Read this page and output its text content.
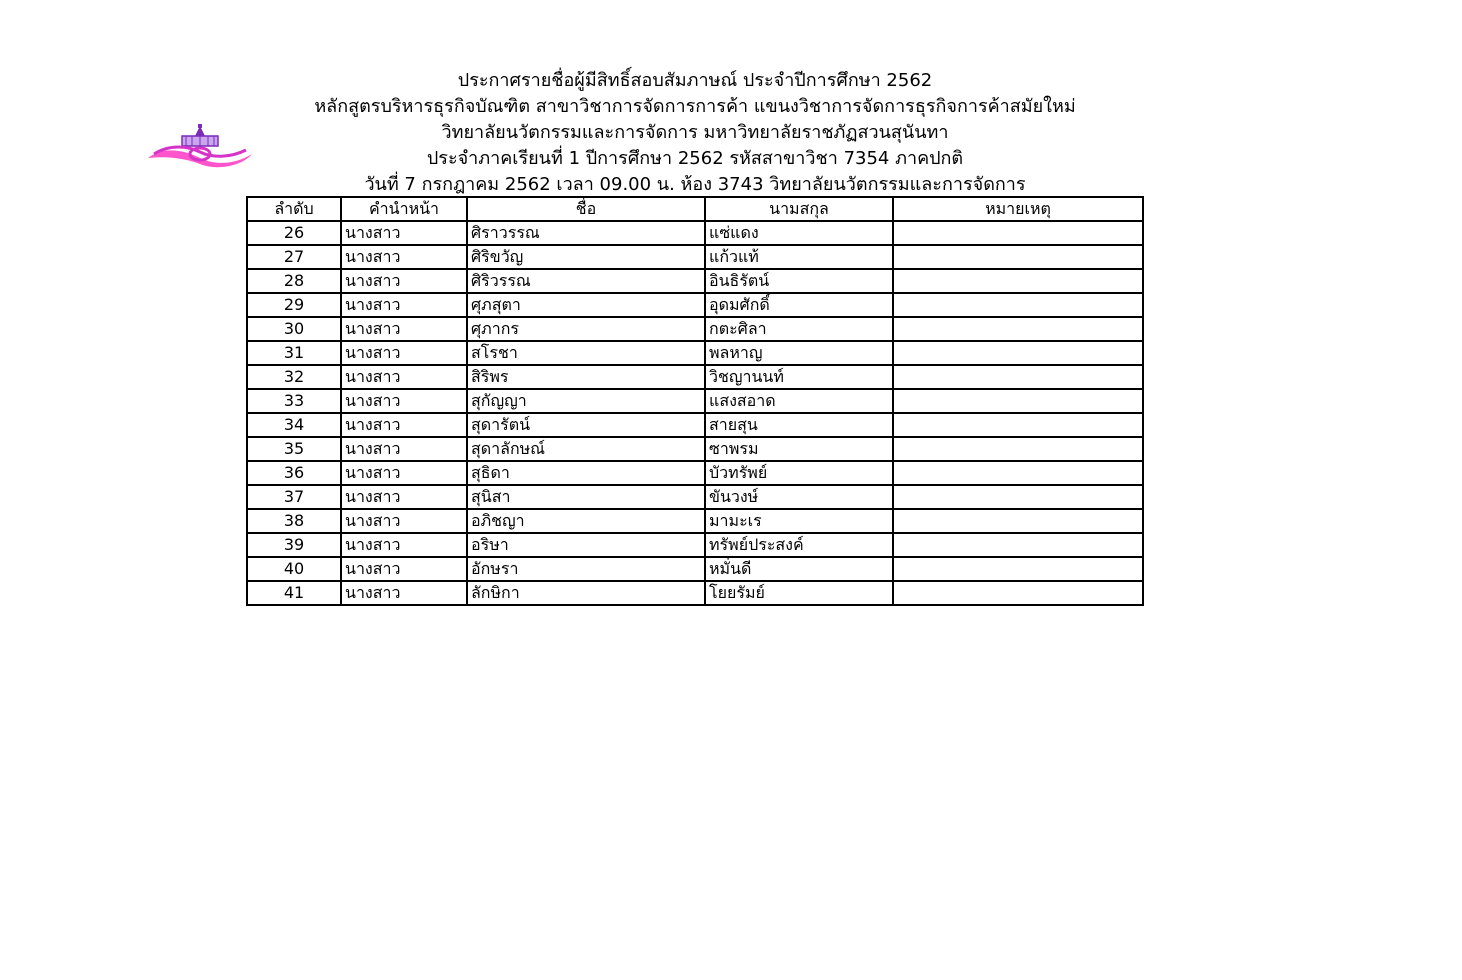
ประกาศรายชื่อผู้มีสิทธิ์สอบสัมภาษณ์ ประจำปีการศึกษา 2562
หลักสูตรบริหารธุรกิจบัณฑิต สาขาวิชาการจัดการการค้า แขนงวิชาการจัดการธุรกิจการค้าสมัยใหม่
วิทยาลัยนวัตกรรมและการจัดการ มหาวิทยาลัยราชภัฏสวนสุนันทา
ประจำภาคเรียนที่ 1 ปีการศึกษา 2562 รหัสสาขาวิชา 7354 ภาคปกติ
วันที่ 7 กรกฎาคม 2562 เวลา 09.00 น. ห้อง 3743 วิทยาลัยนวัตกรรมและการจัดการ
ลำดับ	คำนำหน้า	ชื่อ	นามสกุล	หมายเหตุ
26	นางสาว	ศิราวรรณ	แซ่แดง	
27	นางสาว	ศิริขวัญ	แก้วแท้	
28	นางสาว	ศิริวรรณ	อินธิรัตน์	
29	นางสาว	ศุภสุตา	อุดมศักดิ์	
30	นางสาว	ศุภากร	กตะศิลา	
31	นางสาว	สโรชา	พลหาญ	
32	นางสาว	สิริพร	วิชญานนท์	
33	นางสาว	สุกัญญา	แสงสอาด	
34	นางสาว	สุดารัตน์	สายสุน	
35	นางสาว	สุดาลักษณ์	ซาพรม	
36	นางสาว	สุธิดา	บัวทรัพย์	
37	นางสาว	สุนิสา	ขันวงษ์	
38	นางสาว	อภิชญา	มามะเร	
39	นางสาว	อริษา	ทรัพย์ประสงค์	
40	นางสาว	อักษรา	หมั่นดี	
41	นางสาว	ลักษิกา	โยยรัมย์	
